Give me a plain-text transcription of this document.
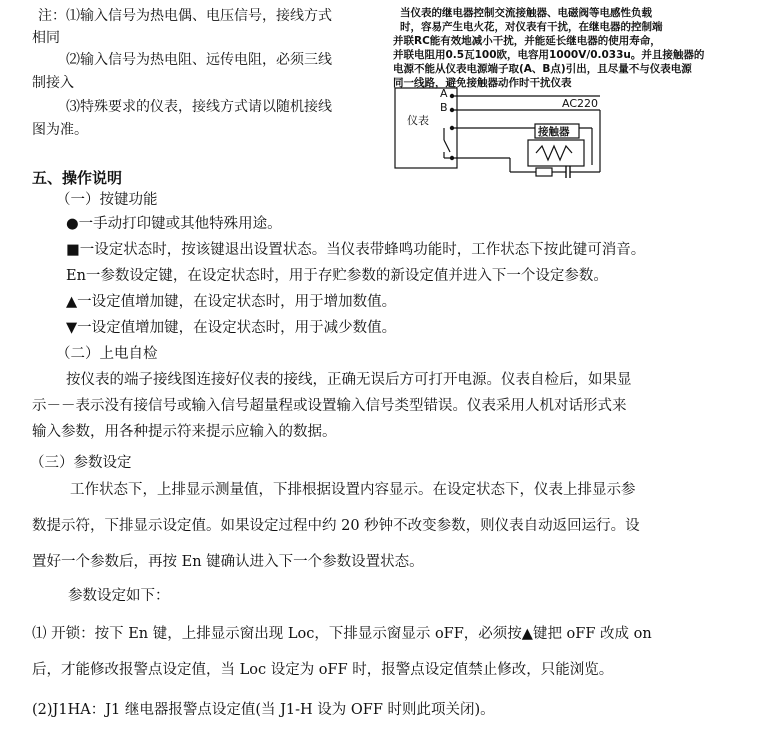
注：⑴输入信号为热电偶、电压信号，接线方式
相同
⑵输入信号为热电阻、远传电阻，必须三线
制接入
⑶特殊要求的仪表，接线方式请以随机接线
图为准。
当仪表的继电器控制交流接触器、电磁阀等电感性负载
时，容易产生电火花，对仪表有干扰，在继电器的控制端
并联RC能有效地减小干扰，并能延长继电器的使用寿命，
并联电阻用0.5瓦100欧，电容用1000V/0.033u。并且接触器的
电源不能从仪表电源端子取(A、B点)引出，且尽量不与仪表电源
同一线路，避免接触器动作时干扰仪表
仪表
A
B	AC220
接触器
五、操作说明
（一）按键功能
●一手动打印键或其他特殊用途。
■一设定状态时，按该键退出设置状态。当仪表带蜂鸣功能时，工作状态下按此键可消音。
En一参数设定键，在设定状态时，用于存贮参数的新设定值并进入下一个设定参数。
▲一设定值增加键，在设定状态时，用于增加数值。
▼一设定值增加键，在设定状态时，用于减少数值。
（二）上电自检
按仪表的端子接线图连接好仪表的接线，正确无误后方可打开电源。仪表自检后，如果显
示－－表示没有接信号或输入信号超量程或设置输入信号类型错误。仪表采用人机对话形式来
输入参数，用各种提示符来提示应输入的数据。
（三）参数设定
工作状态下，上排显示测量值，下排根据设置内容显示。在设定状态下，仪表上排显示参
数提示符，下排显示设定值。如果设定过程中约 20 秒钟不改变参数，则仪表自动返回运行。设
置好一个参数后，再按 En 键确认进入下一个参数设置状态。
参数设定如下：
⑴ 开锁：按下 En 键，上排显示窗出现 Loc，下排显示窗显示 oFF，必须按▲键把 oFF 改成 on
后，才能修改报警点设定值，当 Loc 设定为 oFF 时，报警点设定值禁止修改，只能浏览。
(2)J1HA：J1 继电器报警点设定值(当 J1-H 设为 OFF 时则此项关闭)。
